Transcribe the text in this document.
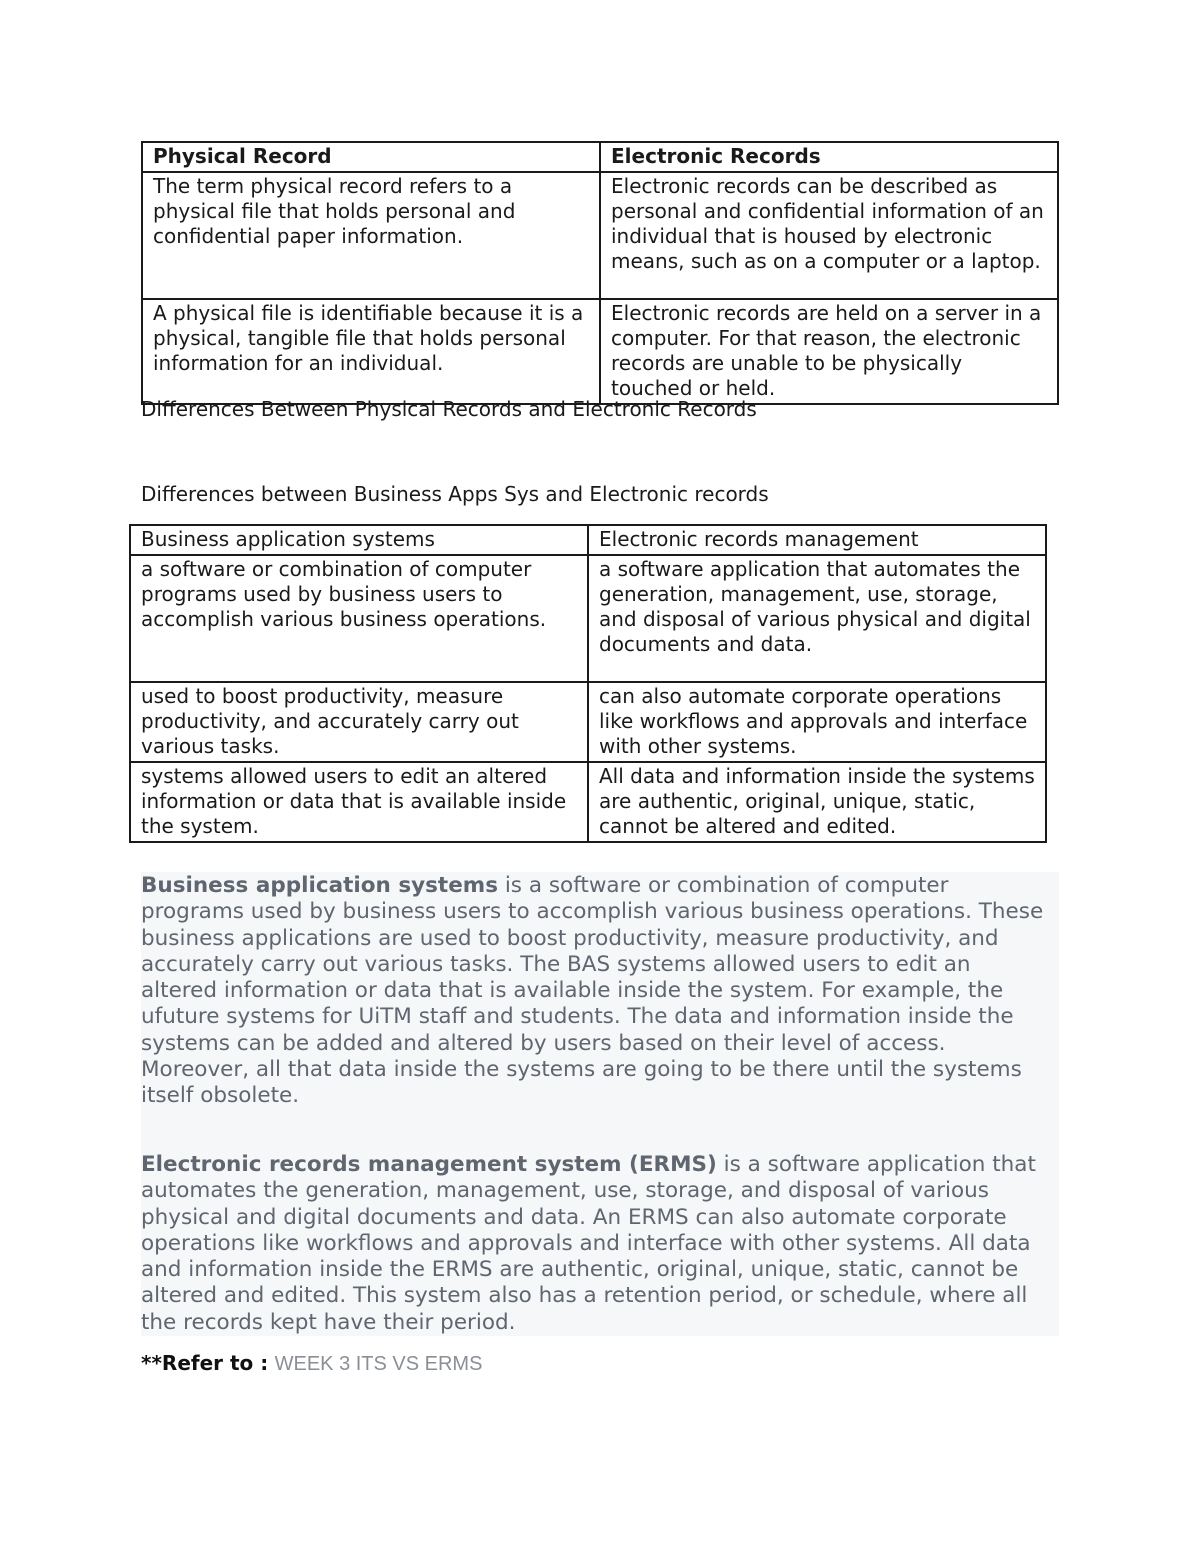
Physical Record	Electronic Records
The term physical record refers to a physical file that holds personal and confidential paper information.	Electronic records can be described as personal and confidential information of an individual that is housed by electronic means, such as on a computer or a laptop.
A physical file is identifiable because it is a physical, tangible file that holds personal information for an individual.	Electronic records are held on a server in a computer. For that reason, the electronic records are unable to be physically touched or held.
Differences Between Physical Records and Electronic Records
Differences between Business Apps Sys and Electronic records
Business application systems	Electronic records management
a software or combination of computer programs used by business users to accomplish various business operations.	a software application that automates the generation, management, use, storage, and disposal of various physical and digital documents and data.
used to boost productivity, measure productivity, and accurately carry out various tasks.	can also automate corporate operations like workflows and approvals and interface with other systems.
systems allowed users to edit an altered information or data that is available inside the system.	All data and information inside the systems are authentic, original, unique, static, cannot be altered and edited.

Business application systems is a software or combination of computer programs used by business users to accomplish various business operations. These business applications are used to boost productivity, measure productivity, and accurately carry out various tasks. The BAS systems allowed users to edit an altered information or data that is available inside the system. For example, the ufuture systems for UiTM staff and students. The data and information inside the systems can be added and altered by users based on their level of access. Moreover, all that data inside the systems are going to be there until the systems itself obsolete.

Electronic records management system (ERMS) is a software application that automates the generation, management, use, storage, and disposal of various physical and digital documents and data. An ERMS can also automate corporate operations like workflows and approvals and interface with other systems. All data and information inside the ERMS are authentic, original, unique, static, cannot be altered and edited. This system also has a retention period, or schedule, where all the records kept have their period.

**Refer to : WEEK 3 ITS VS ERMS
